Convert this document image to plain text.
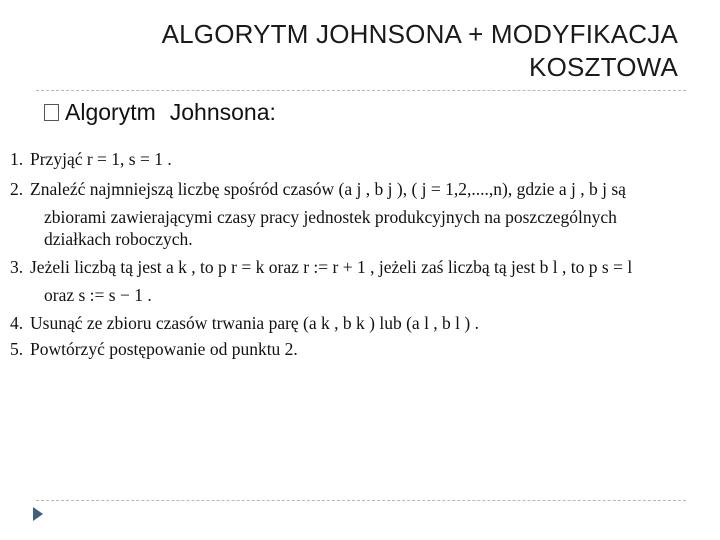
ALGORYTM JOHNSONA + MODYFIKACJA
KOSZTOWA
Algorytm Johnsona:
1. Przyjąć r = 1, s = 1 .
2. Znaleźć najmniejszą liczbę spośród czasów (a j , b j ), ( j = 1,2,....,n), gdzie a j , b j są
zbiorami zawierającymi czasy pracy jednostek produkcyjnych na poszczególnych
działkach roboczych.
3. Jeżeli liczbą tą jest a k , to p r = k oraz r := r + 1 , jeżeli zaś liczbą tą jest b l , to p s = l
oraz s := s − 1 .
4. Usunąć ze zbioru czasów trwania parę (a k , b k ) lub (a l , b l ) .
5. Powtórzyć postępowanie od punktu 2.
